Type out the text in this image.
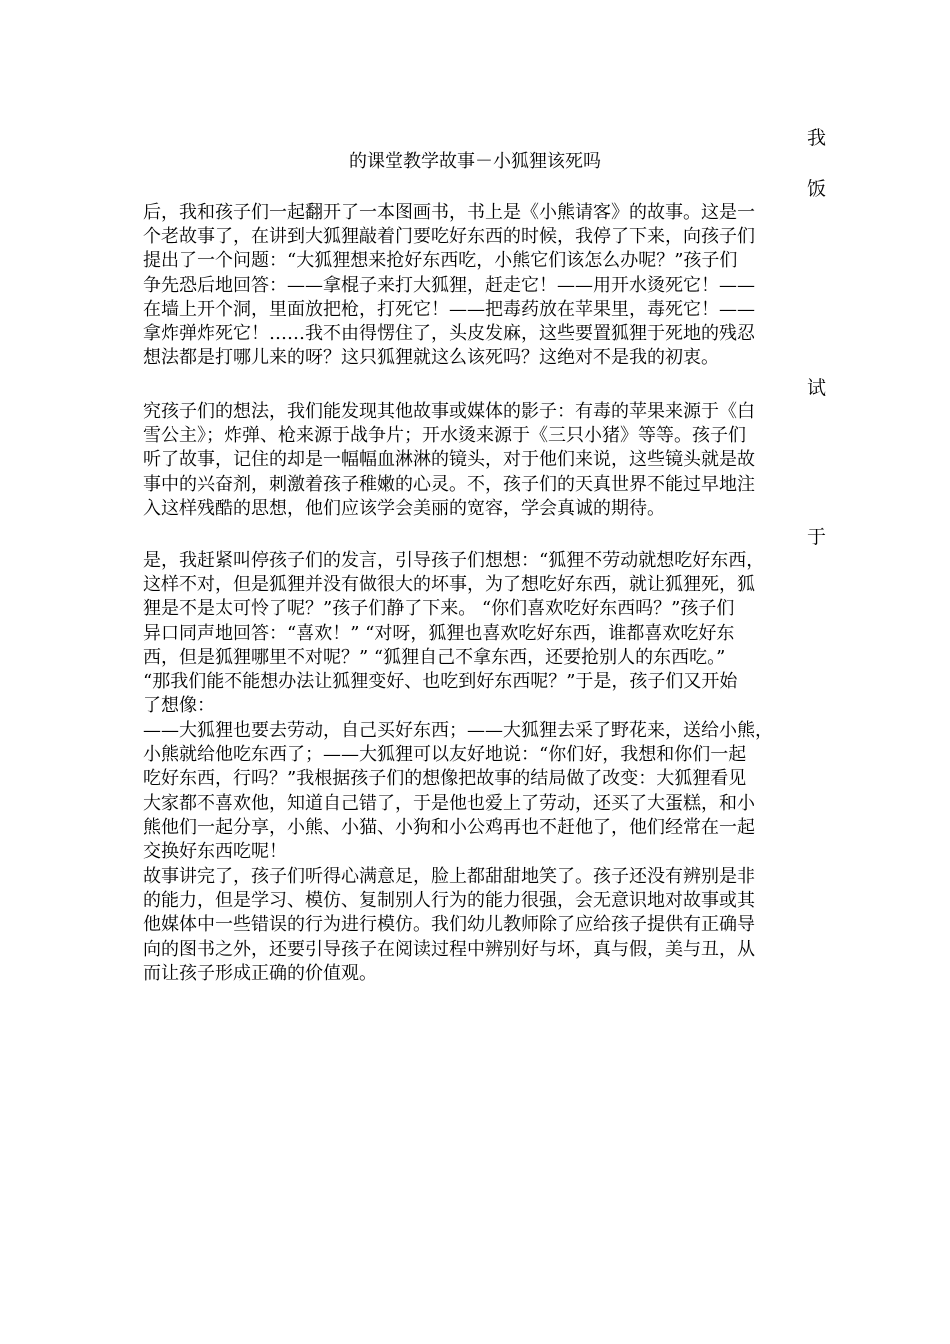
我
的课堂教学故事－小狐狸该死吗
饭
后，我和孩子们一起翻开了一本图画书，书上是《小熊请客》的故事。这是一
个老故事了，在讲到大狐狸敲着门要吃好东西的时候，我停了下来，向孩子们
提出了一个问题：“大狐狸想来抢好东西吃，小熊它们该怎么办呢？”孩子们
争先恐后地回答：——拿棍子来打大狐狸，赶走它！——用开水烫死它！——
在墙上开个洞，里面放把枪，打死它！——把毒药放在苹果里，毒死它！——
拿炸弹炸死它！……我不由得愣住了，头皮发麻，这些要置狐狸于死地的残忍
想法都是打哪儿来的呀？这只狐狸就这么该死吗？这绝对不是我的初衷。
试
究孩子们的想法，我们能发现其他故事或媒体的影子：有毒的苹果来源于《白
雪公主》；炸弹、枪来源于战争片；开水烫来源于《三只小猪》等等。孩子们
听了故事，记住的却是一幅幅血淋淋的镜头，对于他们来说，这些镜头就是故
事中的兴奋剂，刺激着孩子稚嫩的心灵。不，孩子们的天真世界不能过早地注
入这样残酷的思想，他们应该学会美丽的宽容，学会真诚的期待。
于
是，我赶紧叫停孩子们的发言，引导孩子们想想：“狐狸不劳动就想吃好东西，
这样不对，但是狐狸并没有做很大的坏事，为了想吃好东西，就让狐狸死，狐
狸是不是太可怜了呢？”孩子们静了下来。 “你们喜欢吃好东西吗？”孩子们
异口同声地回答：“喜欢！” “对呀，狐狸也喜欢吃好东西，谁都喜欢吃好东
西，但是狐狸哪里不对呢？” “狐狸自己不拿东西，还要抢别人的东西吃。”
“那我们能不能想办法让狐狸变好、也吃到好东西呢？”于是，孩子们又开始
了想像：
——大狐狸也要去劳动，自己买好东西；——大狐狸去采了野花来，送给小熊，
小熊就给他吃东西了；——大狐狸可以友好地说：“你们好，我想和你们一起
吃好东西，行吗？”我根据孩子们的想像把故事的结局做了改变：大狐狸看见
大家都不喜欢他，知道自己错了，于是他也爱上了劳动，还买了大蛋糕，和小
熊他们一起分享，小熊、小猫、小狗和小公鸡再也不赶他了，他们经常在一起
交换好东西吃呢！
故事讲完了，孩子们听得心满意足，脸上都甜甜地笑了。孩子还没有辨别是非
的能力，但是学习、模仿、复制别人行为的能力很强，会无意识地对故事或其
他媒体中一些错误的行为进行模仿。我们幼儿教师除了应给孩子提供有正确导
向的图书之外，还要引导孩子在阅读过程中辨别好与坏，真与假，美与丑，从
而让孩子形成正确的价值观。
